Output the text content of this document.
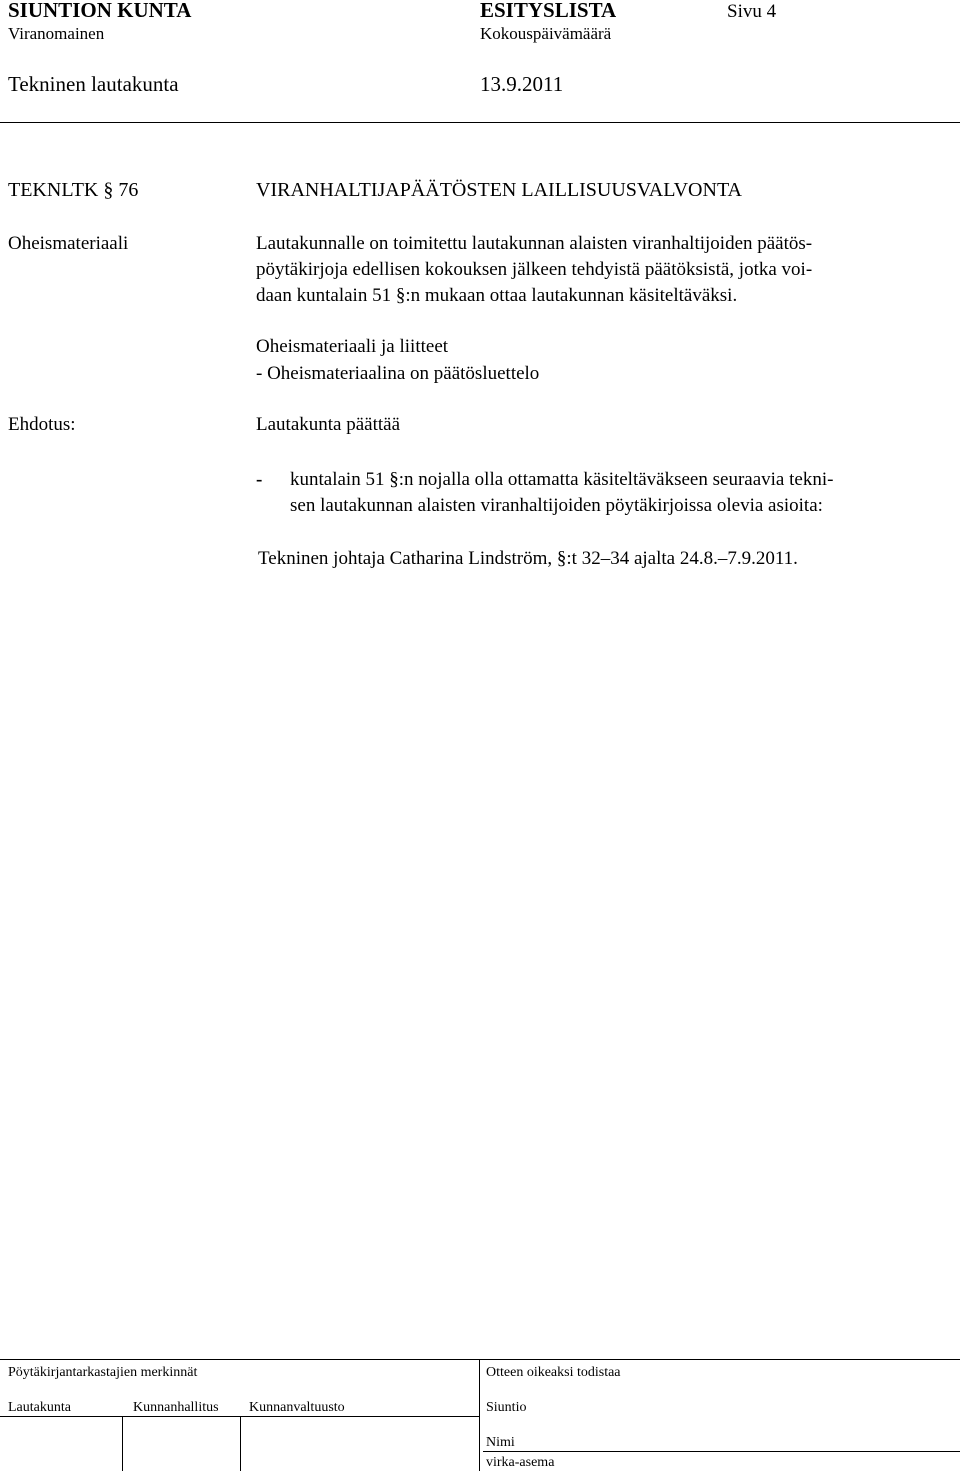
SIUNTION KUNTA	ESITYSLISTA	Sivu 4
Viranomainen	Kokouspäivämäärä
Tekninen lautakunta	13.9.2011
TEKNLTK § 76	VIRANHALTIJAPÄÄTÖSTEN LAILLISUUSVALVONTA
Oheismateriaali	Lautakunnalle on toimitettu lautakunnan alaisten viranhaltijoiden päätös-
pöytäkirjoja edellisen kokouksen jälkeen tehdyistä päätöksistä, jotka voi-
daan kuntalain 51 §:n mukaan ottaa lautakunnan käsiteltäväksi.
Oheismateriaali ja liitteet
- Oheismateriaalina on päätösluettelo
Ehdotus:	Lautakunta päättää
- kuntalain 51 §:n nojalla olla ottamatta käsiteltäväkseen seuraavia tekni-
sen lautakunnan alaisten viranhaltijoiden pöytäkirjoissa olevia asioita:
Tekninen johtaja Catharina Lindström, §:t 32–34 ajalta 24.8.–7.9.2011.
Pöytäkirjantarkastajien merkinnät	Otteen oikeaksi todistaa
Lautakunta	Kunnanhallitus Kunnanvaltuusto	Siuntio
Nimi
virka-asema
